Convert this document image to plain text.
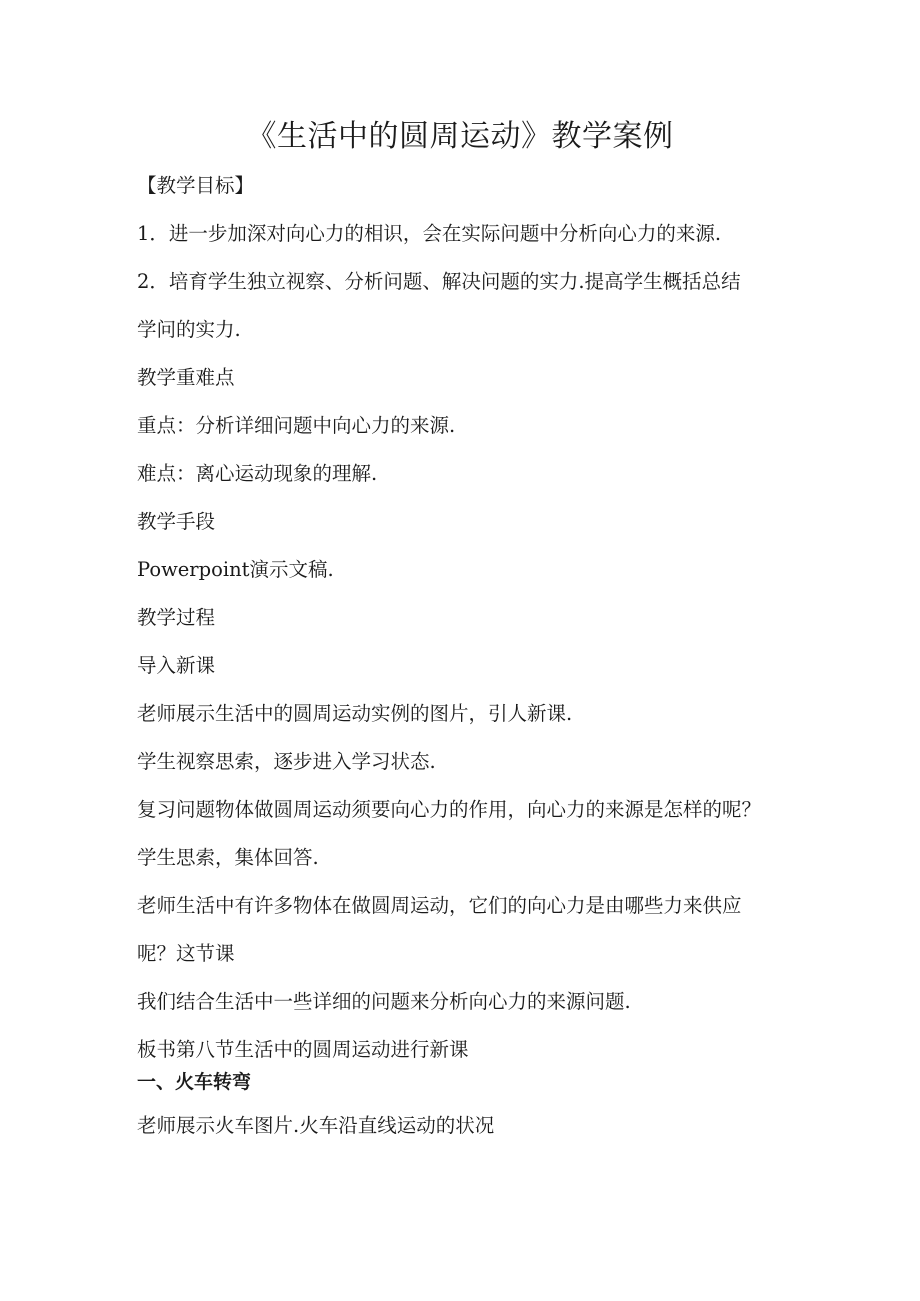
《生活中的圆周运动》教学案例
【教学目标】
1．进一步加深对向心力的相识，会在实际问题中分析向心力的来源.
2．培育学生独立视察、分析问题、解决问题的实力.提高学生概括总结
学问的实力.
教学重难点
重点：分析详细问题中向心力的来源.
难点：离心运动现象的理解.
教学手段
Powerpoint演示文稿.
教学过程
导入新课
老师展示生活中的圆周运动实例的图片，引人新课.
学生视察思索，逐步进入学习状态.
复习问题物体做圆周运动须要向心力的作用，向心力的来源是怎样的呢？
学生思索，集体回答.
老师生活中有许多物体在做圆周运动，它们的向心力是由哪些力来供应
呢？这节课
我们结合生活中一些详细的问题来分析向心力的来源问题.
板书第八节生活中的圆周运动进行新课
一、火车转弯
老师展示火车图片.火车沿直线运动的状况
